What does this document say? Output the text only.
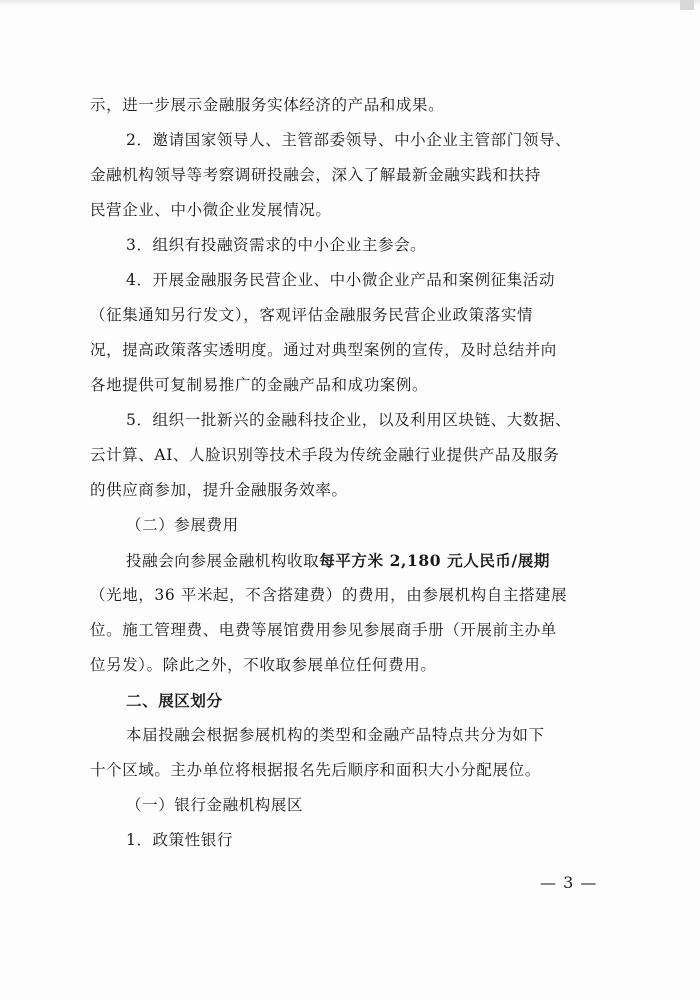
示，进一步展示金融服务实体经济的产品和成果。
2．邀请国家领导人、主管部委领导、中小企业主管部门领导、
金融机构领导等考察调研投融会，深入了解最新金融实践和扶持
民营企业、中小微企业发展情况。
3．组织有投融资需求的中小企业主参会。
4．开展金融服务民营企业、中小微企业产品和案例征集活动
（征集通知另行发文），客观评估金融服务民营企业政策落实情
况，提高政策落实透明度。通过对典型案例的宣传，及时总结并向
各地提供可复制易推广的金融产品和成功案例。
5．组织一批新兴的金融科技企业，以及利用区块链、大数据、
云计算、AI、人脸识别等技术手段为传统金融行业提供产品及服务
的供应商参加，提升金融服务效率。
（二）参展费用
投融会向参展金融机构收取每平方米 2,180 元人民币/展期
（光地，36 平米起，不含搭建费）的费用，由参展机构自主搭建展
位。施工管理费、电费等展馆费用参见参展商手册（开展前主办单
位另发）。除此之外，不收取参展单位任何费用。
二、展区划分
本届投融会根据参展机构的类型和金融产品特点共分为如下
十个区域。主办单位将根据报名先后顺序和面积大小分配展位。
（一）银行金融机构展区
1．政策性银行
— 3 —
